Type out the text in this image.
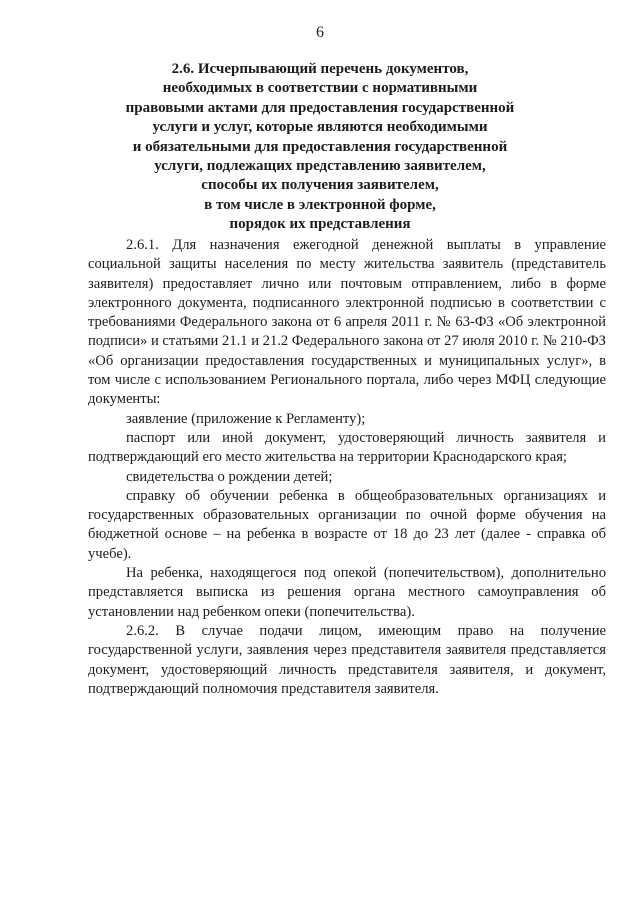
6
2.6. Исчерпывающий перечень документов,
необходимых в соответствии с нормативными
правовыми актами для предоставления государственной
услуги и услуг, которые являются необходимыми
и обязательными для предоставления государственной
услуги, подлежащих представлению заявителем,
способы их получения заявителем,
в том числе в электронной форме,
порядок их представления

2.6.1. Для назначения ежегодной денежной выплаты в управление социальной защиты населения по месту жительства заявитель (представитель заявителя) предоставляет лично или почтовым отправлением, либо в форме электронного документа, подписанного электронной подписью в соответствии с требованиями Федерального закона от 6 апреля 2011 г. № 63-ФЗ «Об электронной подписи» и статьями 21.1 и 21.2 Федерального закона от 27 июля 2010 г. № 210-ФЗ «Об организации предоставления государственных и муниципальных услуг», в том числе с использованием Регионального портала, либо через МФЦ следующие документы:

заявление (приложение к Регламенту);

паспорт или иной документ, удостоверяющий личность заявителя и подтверждающий его место жительства на территории Краснодарского края;

свидетельства о рождении детей;

справку об обучении ребенка в общеобразовательных организациях и государственных образовательных организации по очной форме обучения на бюджетной основе – на ребенка в возрасте от 18 до 23 лет (далее - справка об учебе).

На ребенка, находящегося под опекой (попечительством), дополнительно представляется выписка из решения органа местного самоуправления об установлении над ребенком опеки (попечительства).

2.6.2. В случае подачи лицом, имеющим право на получение государственной услуги, заявления через представителя заявителя представляется документ, удостоверяющий личность представителя заявителя, и документ, подтверждающий полномочия представителя заявителя.
